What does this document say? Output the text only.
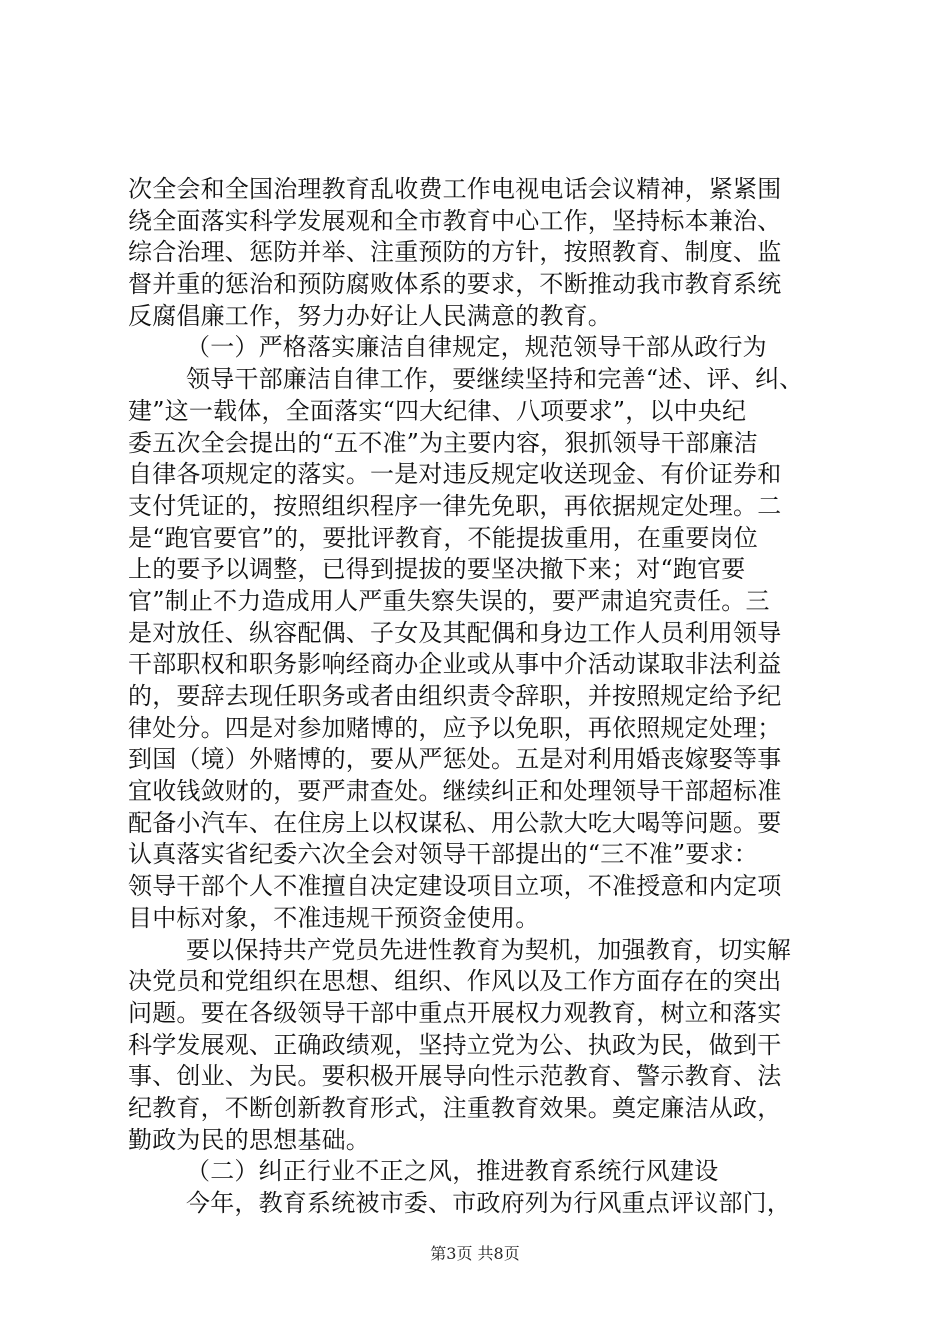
次全会和全国治理教育乱收费工作电视电话会议精神，紧紧围
绕全面落实科学发展观和全市教育中心工作，坚持标本兼治、
综合治理、惩防并举、注重预防的方针，按照教育、制度、监
督并重的惩治和预防腐败体系的要求，不断推动我市教育系统
反腐倡廉工作，努力办好让人民满意的教育。
（一）严格落实廉洁自律规定，规范领导干部从政行为
领导干部廉洁自律工作，要继续坚持和完善“述、评、纠、
建”这一载体，全面落实“四大纪律、八项要求”，以中央纪
委五次全会提出的“五不准”为主要内容，狠抓领导干部廉洁
自律各项规定的落实。一是对违反规定收送现金、有价证券和
支付凭证的，按照组织程序一律先免职，再依据规定处理。二
是“跑官要官”的，要批评教育，不能提拔重用，在重要岗位
上的要予以调整，已得到提拔的要坚决撤下来；对“跑官要
官”制止不力造成用人严重失察失误的，要严肃追究责任。三
是对放任、纵容配偶、子女及其配偶和身边工作人员利用领导
干部职权和职务影响经商办企业或从事中介活动谋取非法利益
的，要辞去现任职务或者由组织责令辞职，并按照规定给予纪
律处分。四是对参加赌博的，应予以免职，再依照规定处理；
到国（境）外赌博的，要从严惩处。五是对利用婚丧嫁娶等事
宜收钱敛财的，要严肃查处。继续纠正和处理领导干部超标准
配备小汽车、在住房上以权谋私、用公款大吃大喝等问题。要
认真落实省纪委六次全会对领导干部提出的“三不准”要求：
领导干部个人不准擅自决定建设项目立项，不准授意和内定项
目中标对象，不准违规干预资金使用。
要以保持共产党员先进性教育为契机，加强教育，切实解
决党员和党组织在思想、组织、作风以及工作方面存在的突出
问题。要在各级领导干部中重点开展权力观教育，树立和落实
科学发展观、正确政绩观，坚持立党为公、执政为民，做到干
事、创业、为民。要积极开展导向性示范教育、警示教育、法
纪教育，不断创新教育形式，注重教育效果。奠定廉洁从政，
勤政为民的思想基础。
（二）纠正行业不正之风，推进教育系统行风建设
今年，教育系统被市委、市政府列为行风重点评议部门，
第3页 共8页
